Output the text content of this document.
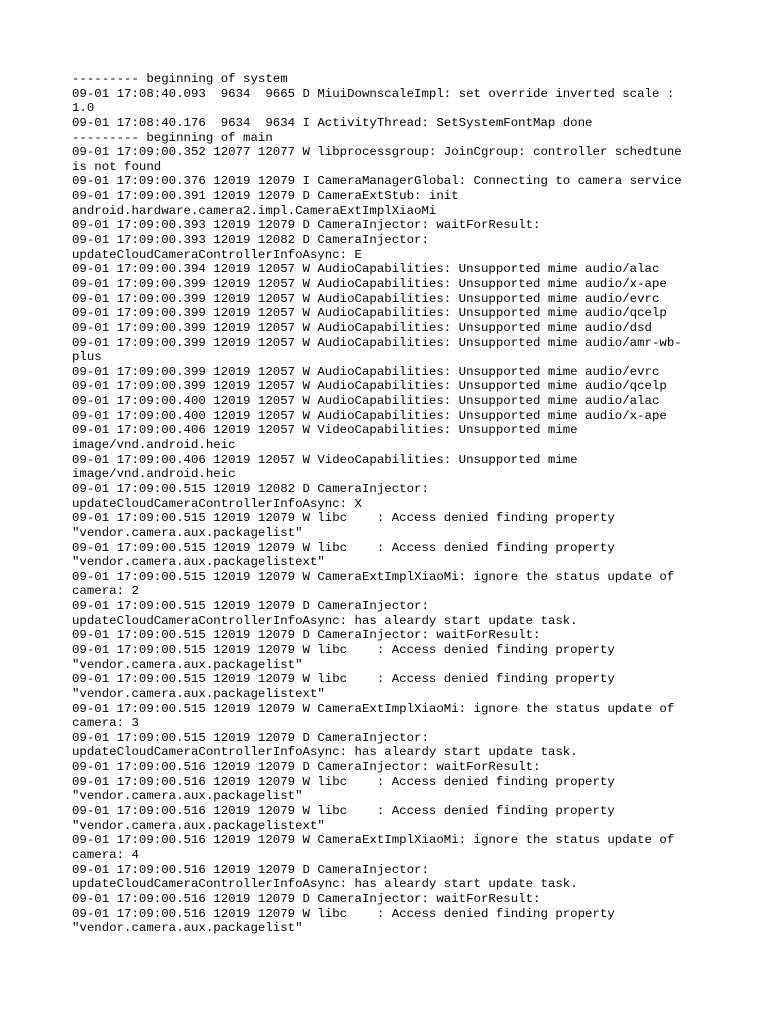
--------- beginning of system
09-01 17:08:40.093  9634  9665 D MiuiDownscaleImpl: set override inverted scale :
1.0
09-01 17:08:40.176  9634  9634 I ActivityThread: SetSystemFontMap done
--------- beginning of main
09-01 17:09:00.352 12077 12077 W libprocessgroup: JoinCgroup: controller schedtune
is not found
09-01 17:09:00.376 12019 12079 I CameraManagerGlobal: Connecting to camera service
09-01 17:09:00.391 12019 12079 D CameraExtStub: init
android.hardware.camera2.impl.CameraExtImplXiaoMi
09-01 17:09:00.393 12019 12079 D CameraInjector: waitForResult:
09-01 17:09:00.393 12019 12082 D CameraInjector:
updateCloudCameraControllerInfoAsync: E
09-01 17:09:00.394 12019 12057 W AudioCapabilities: Unsupported mime audio/alac
09-01 17:09:00.399 12019 12057 W AudioCapabilities: Unsupported mime audio/x-ape
09-01 17:09:00.399 12019 12057 W AudioCapabilities: Unsupported mime audio/evrc
09-01 17:09:00.399 12019 12057 W AudioCapabilities: Unsupported mime audio/qcelp
09-01 17:09:00.399 12019 12057 W AudioCapabilities: Unsupported mime audio/dsd
09-01 17:09:00.399 12019 12057 W AudioCapabilities: Unsupported mime audio/amr-wb-
plus
09-01 17:09:00.399 12019 12057 W AudioCapabilities: Unsupported mime audio/evrc
09-01 17:09:00.399 12019 12057 W AudioCapabilities: Unsupported mime audio/qcelp
09-01 17:09:00.400 12019 12057 W AudioCapabilities: Unsupported mime audio/alac
09-01 17:09:00.400 12019 12057 W AudioCapabilities: Unsupported mime audio/x-ape
09-01 17:09:00.406 12019 12057 W VideoCapabilities: Unsupported mime
image/vnd.android.heic
09-01 17:09:00.406 12019 12057 W VideoCapabilities: Unsupported mime
image/vnd.android.heic
09-01 17:09:00.515 12019 12082 D CameraInjector:
updateCloudCameraControllerInfoAsync: X
09-01 17:09:00.515 12019 12079 W libc    : Access denied finding property
"vendor.camera.aux.packagelist"
09-01 17:09:00.515 12019 12079 W libc    : Access denied finding property
"vendor.camera.aux.packagelistext"
09-01 17:09:00.515 12019 12079 W CameraExtImplXiaoMi: ignore the status update of
camera: 2
09-01 17:09:00.515 12019 12079 D CameraInjector:
updateCloudCameraControllerInfoAsync: has aleardy start update task.
09-01 17:09:00.515 12019 12079 D CameraInjector: waitForResult:
09-01 17:09:00.515 12019 12079 W libc    : Access denied finding property
"vendor.camera.aux.packagelist"
09-01 17:09:00.515 12019 12079 W libc    : Access denied finding property
"vendor.camera.aux.packagelistext"
09-01 17:09:00.515 12019 12079 W CameraExtImplXiaoMi: ignore the status update of
camera: 3
09-01 17:09:00.515 12019 12079 D CameraInjector:
updateCloudCameraControllerInfoAsync: has aleardy start update task.
09-01 17:09:00.516 12019 12079 D CameraInjector: waitForResult:
09-01 17:09:00.516 12019 12079 W libc    : Access denied finding property
"vendor.camera.aux.packagelist"
09-01 17:09:00.516 12019 12079 W libc    : Access denied finding property
"vendor.camera.aux.packagelistext"
09-01 17:09:00.516 12019 12079 W CameraExtImplXiaoMi: ignore the status update of
camera: 4
09-01 17:09:00.516 12019 12079 D CameraInjector:
updateCloudCameraControllerInfoAsync: has aleardy start update task.
09-01 17:09:00.516 12019 12079 D CameraInjector: waitForResult:
09-01 17:09:00.516 12019 12079 W libc    : Access denied finding property
"vendor.camera.aux.packagelist"
